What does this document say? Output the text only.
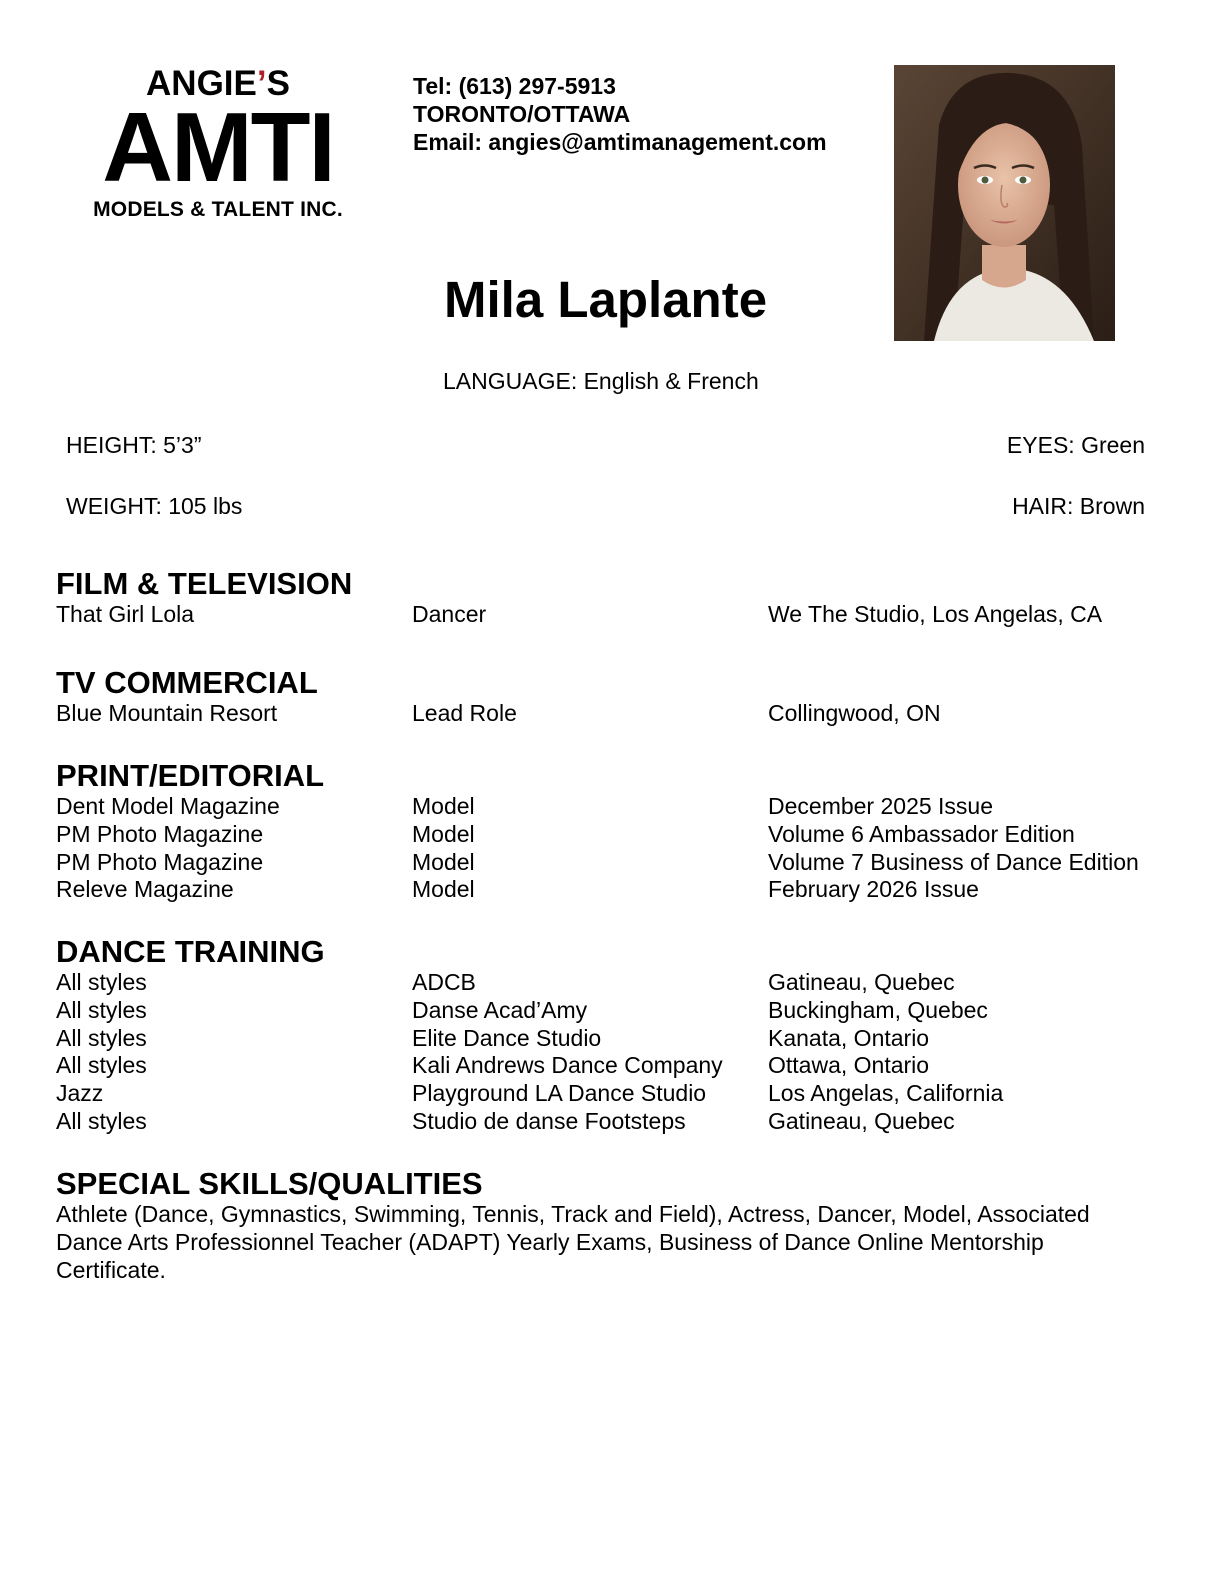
ANGIE’S
AMTI
MODELS & TALENT INC.
Tel: (613) 297-5913
TORONTO/OTTAWA
Email: angies@amtimanagement.com
Mila Laplante
LANGUAGE: English & French
HEIGHT: 5’3”
WEIGHT: 105 lbs
EYES: Green
HAIR: Brown
FILM & TELEVISION
That Girl Lola	Dancer	We The Studio, Los Angelas, CA
TV COMMERCIAL
Blue Mountain Resort	Lead Role	Collingwood, ON
PRINT/EDITORIAL
Dent Model Magazine	Model	December 2025 Issue
PM Photo Magazine	Model	Volume 6 Ambassador Edition
PM Photo Magazine	Model	Volume 7 Business of Dance Edition
Releve Magazine	Model	February 2026 Issue
DANCE TRAINING
All styles	ADCB	Gatineau, Quebec
All styles	Danse Acad’Amy	Buckingham, Quebec
All styles	Elite Dance Studio	Kanata, Ontario
All styles	Kali Andrews Dance Company	Ottawa, Ontario
Jazz	Playground LA Dance Studio	Los Angelas, California
All styles	Studio de danse Footsteps	Gatineau, Quebec
SPECIAL SKILLS/QUALITIES
Athlete (Dance, Gymnastics, Swimming, Tennis, Track and Field), Actress, Dancer, Model, Associated Dance Arts Professionnel Teacher (ADAPT) Yearly Exams, Business of Dance Online Mentorship Certificate.
